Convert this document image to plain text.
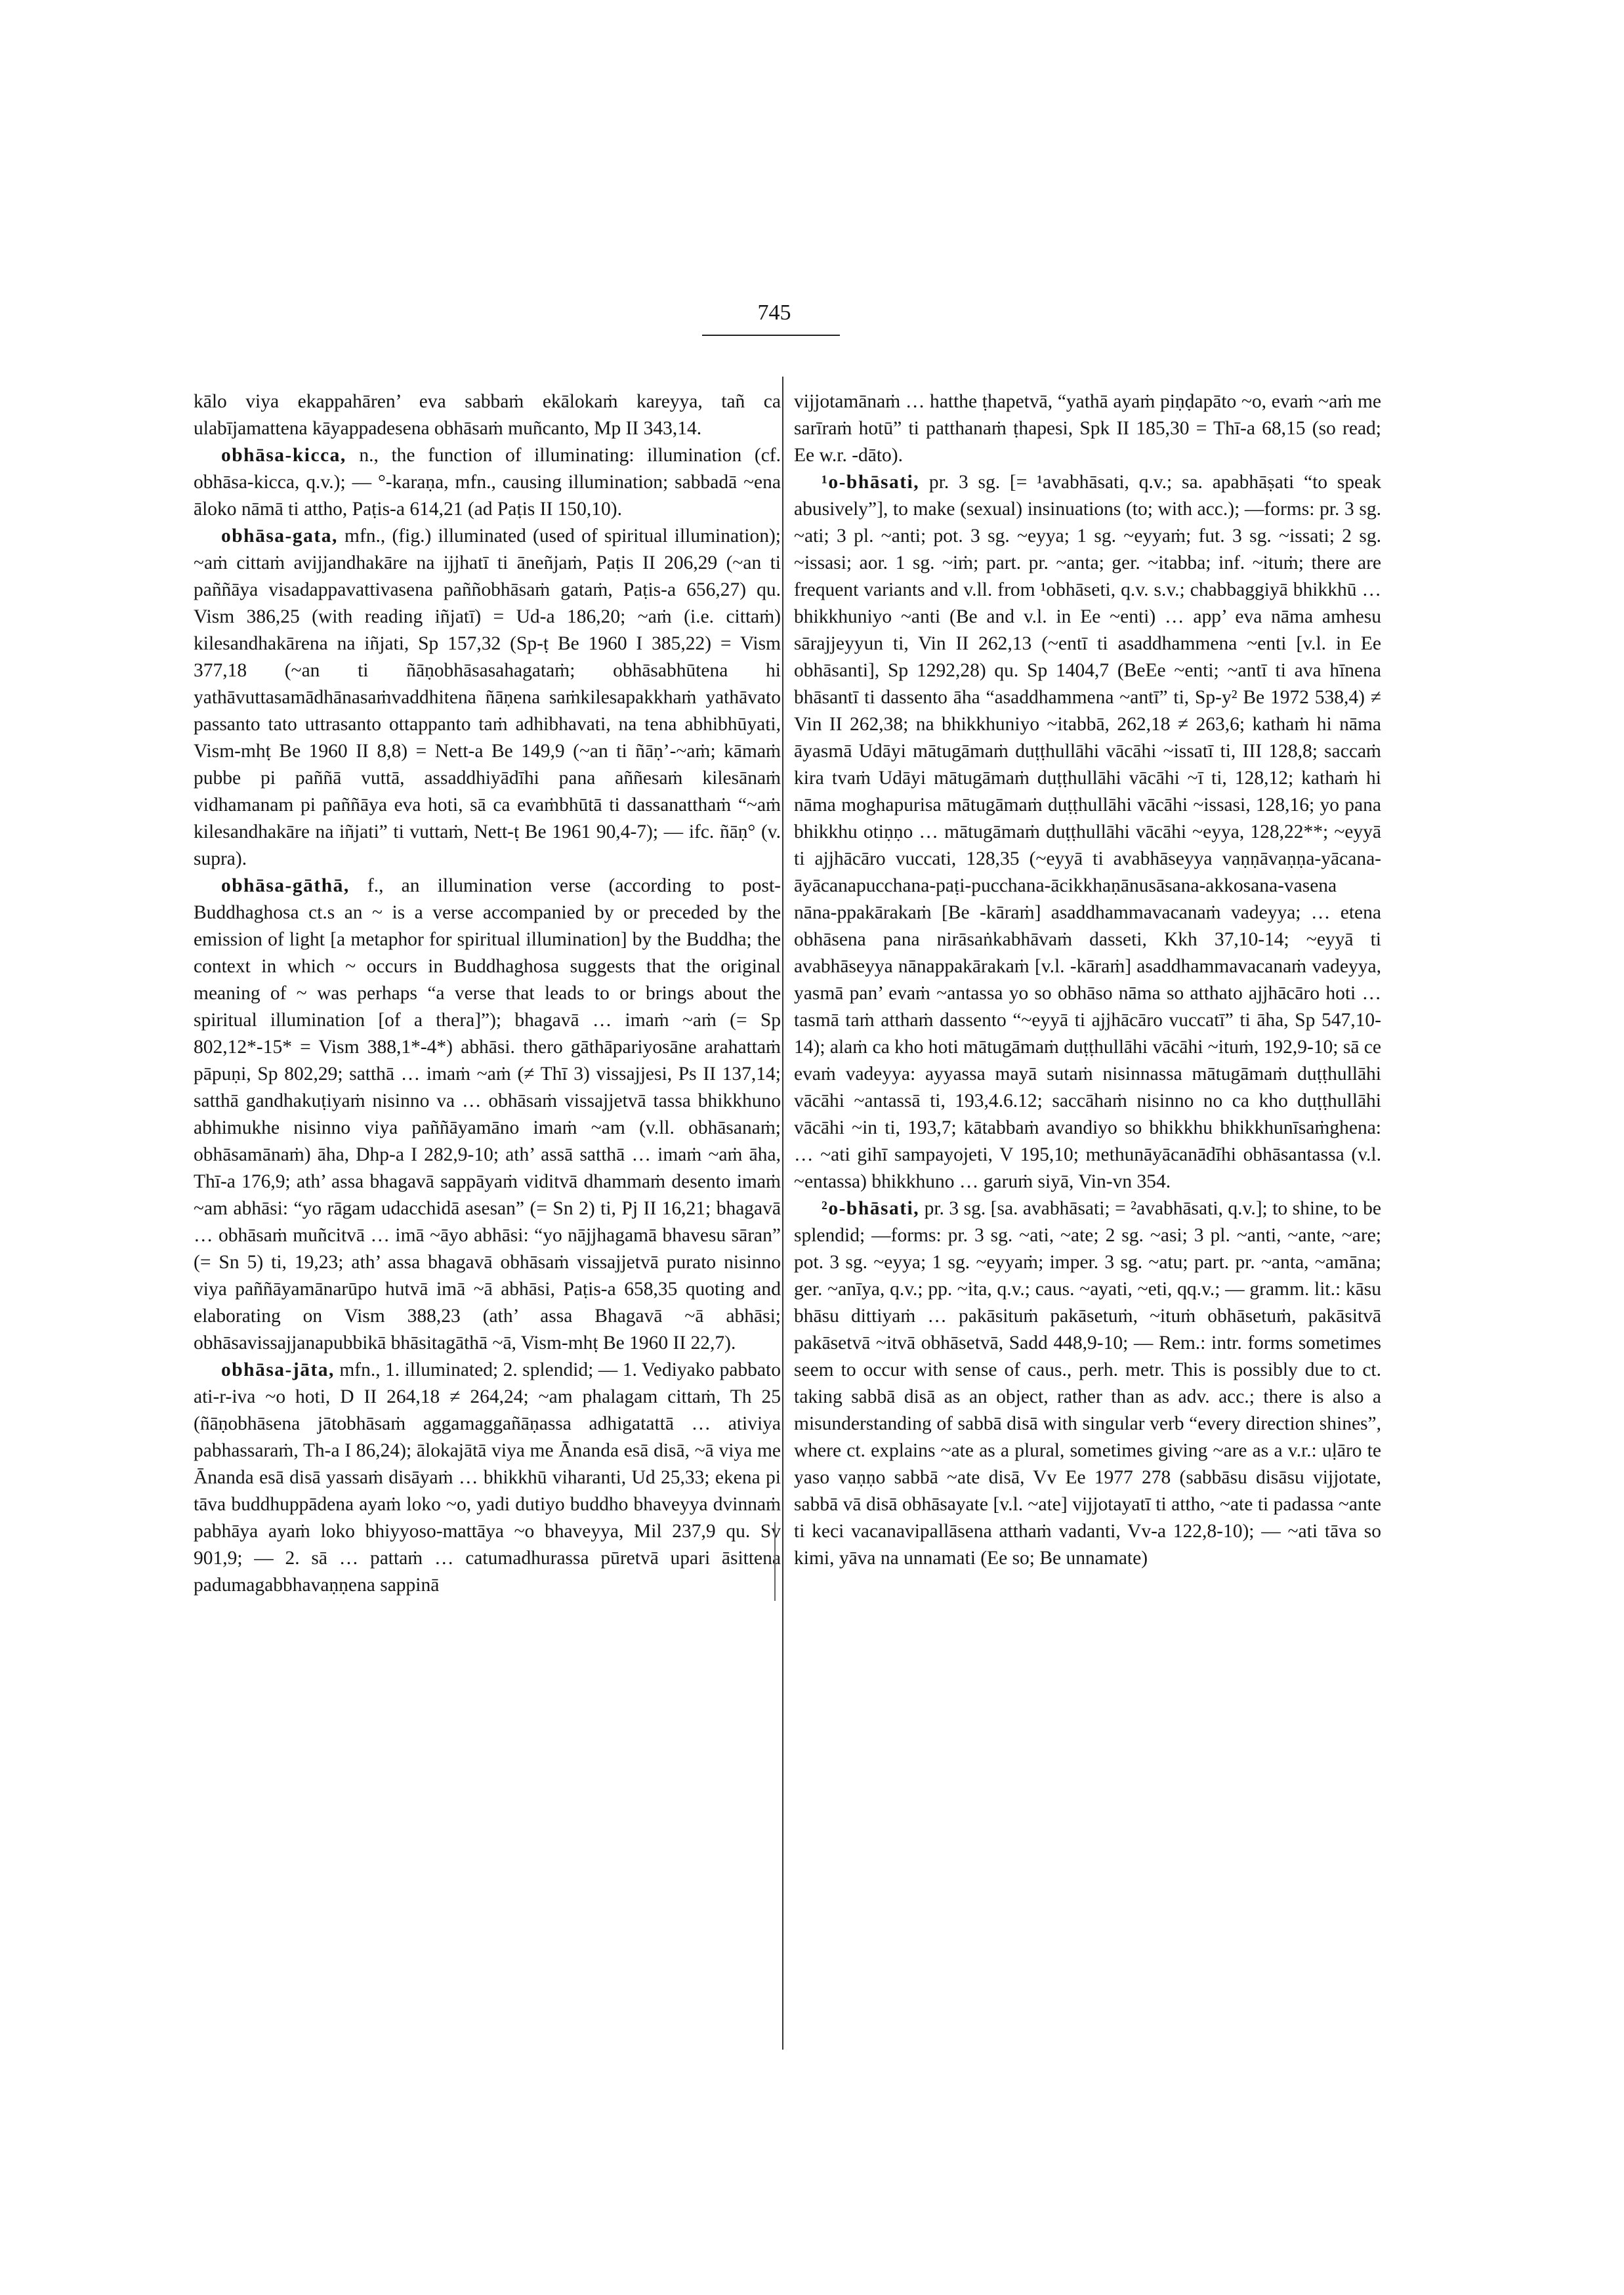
745

kālo viya ekappahāren’ eva sabbaṁ ekālokaṁ kareyya, tañ ca ulabījamattena kāyappadesena obhāsaṁ muñcanto, Mp II 343,14.

obhāsa-kicca, n., the function of illuminating: illumination (cf. obhāsa-kicca, q.v.); — °-karaṇa, mfn., causing illumination; sabbadā ~ena āloko nāmā ti attho, Paṭis-a 614,21 (ad Paṭis II 150,10).

obhāsa-gata, mfn., (fig.) illuminated (used of spiritual illumination); ~aṁ cittaṁ avijjandhakāre na ijjhatī ti āneñjaṁ, Paṭis II 206,29 (~an ti paññāya visadappavattivasena paññobhāsaṁ gataṁ, Paṭis-a 656,27) qu. Vism 386,25 (with reading iñjatī) = Ud-a 186,20; ~aṁ (i.e. cittaṁ) kilesandhakārena na iñjati, Sp 157,32 (Sp-ṭ Be 1960 I 385,22) = Vism 377,18 (~an ti ñāṇobhāsasahagataṁ; obhāsabhūtena hi yathāvuttasamādhānasaṁvaddhitena ñāṇena saṁkilesapakkhaṁ yathāvato passanto tato uttrasanto ottappanto taṁ adhibhavati, na tena abhibhūyati, Vism-mhṭ Be 1960 II 8,8) = Nett-a Be 149,9 (~an ti ñāṇ’-~aṁ; kāmaṁ pubbe pi paññā vuttā, assaddhiyādīhi pana aññesaṁ kilesānaṁ vidhamanam pi paññāya eva hoti, sā ca evaṁbhūtā ti dassanatthaṁ “~aṁ kilesandhakāre na iñjati” ti vuttaṁ, Nett-ṭ Be 1961 90,4-7); — ifc. ñāṇ° (v. supra).

obhāsa-gāthā, f., an illumination verse (according to post-Buddhaghosa ct.s an ~ is a verse accompanied by or preceded by the emission of light [a metaphor for spiritual illumination] by the Buddha; the context in which ~ occurs in Buddhaghosa suggests that the original meaning of ~ was perhaps “a verse that leads to or brings about the spiritual illumination [of a thera]”); bhagavā … imaṁ ~aṁ (= Sp 802,12*-15* = Vism 388,1*-4*) abhāsi. thero gāthāpariyosāne arahattaṁ pāpuṇi, Sp 802,29; satthā … imaṁ ~aṁ (≠ Thī 3) vissajjesi, Ps II 137,14; satthā gandhakuṭiyaṁ nisinno va … obhāsaṁ vissajjetvā tassa bhikkhuno abhimukhe nisinno viya paññāyamāno imaṁ ~am (v.ll. obhāsanaṁ; obhāsamānaṁ) āha, Dhp-a I 282,9-10; ath’ assā satthā … imaṁ ~aṁ āha, Thī-a 176,9; ath’ assa bhagavā sappāyaṁ viditvā dhammaṁ desento imaṁ ~am abhāsi: “yo rāgam udacchidā asesan” (= Sn 2) ti, Pj II 16,21; bhagavā … obhāsaṁ muñcitvā … imā ~āyo abhāsi: “yo nājjhagamā bhavesu sāran” (= Sn 5) ti, 19,23; ath’ assa bhagavā obhāsaṁ vissajjetvā purato nisinno viya paññāyamānarūpo hutvā imā ~ā abhāsi, Paṭis-a 658,35 quoting and elaborating on Vism 388,23 (ath’ assa Bhagavā ~ā abhāsi; obhāsavissajjanapubbikā bhāsitagāthā ~ā, Vism-mhṭ Be 1960 II 22,7).

obhāsa-jāta, mfn., 1. illuminated; 2. splendid; — 1. Vediyako pabbato ati-r-iva ~o hoti, D II 264,18 ≠ 264,24; ~am phalagam cittaṁ, Th 25 (ñāṇobhāsena jātobhāsaṁ aggamaggañāṇassa adhigatattā … ativiya pabhassaraṁ, Th-a I 86,24); ālokajātā viya me Ānanda esā disā, ~ā viya me Ānanda esā disā yassaṁ disāyaṁ … bhikkhū viharanti, Ud 25,33; ekena pi tāva buddhuppādena ayaṁ loko ~o, yadi dutiyo buddho bhaveyya dvinnaṁ pabhāya ayaṁ loko bhiyyoso-mattāya ~o bhaveyya, Mil 237,9 qu. Sv 901,9; — 2. sā … pattaṁ … catumadhurassa pūretvā upari āsittena padumagabbhavaṇṇena sappinā

vijjotamānaṁ … hatthe ṭhapetvā, “yathā ayaṁ piṇḍapāto ~o, evaṁ ~aṁ me sarīraṁ hotū” ti patthanaṁ ṭhapesi, Spk II 185,30 = Thī-a 68,15 (so read; Ee w.r. -dāto).

¹o-bhāsati, pr. 3 sg. [= ¹avabhāsati, q.v.; sa. apabhāṣati “to speak abusively”], to make (sexual) insinuations (to; with acc.); —forms: pr. 3 sg. ~ati; 3 pl. ~anti; pot. 3 sg. ~eyya; 1 sg. ~eyyaṁ; fut. 3 sg. ~issati; 2 sg. ~issasi; aor. 1 sg. ~iṁ; part. pr. ~anta; ger. ~itabba; inf. ~ituṁ; there are frequent variants and v.ll. from ¹obhāseti, q.v. s.v.; chabbaggiyā bhikkhū … bhikkhuniyo ~anti (Be and v.l. in Ee ~enti) … app’ eva nāma amhesu sārajjeyyun ti, Vin II 262,13 (~entī ti asaddhammena ~enti [v.l. in Ee obhāsanti], Sp 1292,28) qu. Sp 1404,7 (BeEe ~enti; ~antī ti ava hīnena bhāsantī ti dassento āha “asaddhammena ~antī” ti, Sp-y² Be 1972 538,4) ≠ Vin II 262,38; na bhikkhuniyo ~itabbā, 262,18 ≠ 263,6; kathaṁ hi nāma āyasmā Udāyi mātugāmaṁ duṭṭhullāhi vācāhi ~issatī ti, III 128,8; saccaṁ kira tvaṁ Udāyi mātugāmaṁ duṭṭhullāhi vācāhi ~ī ti, 128,12; kathaṁ hi nāma moghapurisa mātugāmaṁ duṭṭhullāhi vācāhi ~issasi, 128,16; yo pana bhikkhu otiṇṇo … mātugāmaṁ duṭṭhullāhi vācāhi ~eyya, 128,22**; ~eyyā ti ajjhācāro vuccati, 128,35 (~eyyā ti avabhāseyya vaṇṇāvaṇṇa-yācana-āyācanapucchana-paṭi-pucchana-ācikkhaṇānusāsana-akkosana-vasena nāna-ppakārakaṁ [Be -kāraṁ] asaddhammavacanaṁ vadeyya; … etena obhāsena pana nirāsaṅkabhāvaṁ dasseti, Kkh 37,10-14; ~eyyā ti avabhāseyya nānappakārakaṁ [v.l. -kāraṁ] asaddhammavacanaṁ vadeyya, yasmā pan’ evaṁ ~antassa yo so obhāso nāma so atthato ajjhācāro hoti … tasmā taṁ atthaṁ dassento “~eyyā ti ajjhācāro vuccatī” ti āha, Sp 547,10-14); alaṁ ca kho hoti mātugāmaṁ duṭṭhullāhi vācāhi ~ituṁ, 192,9-10; sā ce evaṁ vadeyya: ayyassa mayā sutaṁ nisinnassa mātugāmaṁ duṭṭhullāhi vācāhi ~antassā ti, 193,4.6.12; saccāhaṁ nisinno no ca kho duṭṭhullāhi vācāhi ~in ti, 193,7; kātabbaṁ avandiyo so bhikkhu bhikkhunīsaṁghena: … ~ati gihī sampayojeti, V 195,10; methunāyācanādīhi obhāsantassa (v.l. ~entassa) bhikkhuno … garuṁ siyā, Vin-vn 354.

²o-bhāsati, pr. 3 sg. [sa. avabhāsati; = ²avabhāsati, q.v.]; to shine, to be splendid; —forms: pr. 3 sg. ~ati, ~ate; 2 sg. ~asi; 3 pl. ~anti, ~ante, ~are; pot. 3 sg. ~eyya; 1 sg. ~eyyaṁ; imper. 3 sg. ~atu; part. pr. ~anta, ~amāna; ger. ~anīya, q.v.; pp. ~ita, q.v.; caus. ~ayati, ~eti, qq.v.; — gramm. lit.: kāsu bhāsu dittiyaṁ … pakāsituṁ pakāsetuṁ, ~ituṁ obhāsetuṁ, pakāsitvā pakāsetvā ~itvā obhāsetvā, Sadd 448,9-10; — Rem.: intr. forms sometimes seem to occur with sense of caus., perh. metr. This is possibly due to ct. taking sabbā disā as an object, rather than as adv. acc.; there is also a misunderstanding of sabbā disā with singular verb “every direction shines”, where ct. explains ~ate as a plural, sometimes giving ~are as a v.r.: uḷāro te yaso vaṇṇo sabbā ~ate disā, Vv Ee 1977 278 (sabbāsu disāsu vijjotate, sabbā vā disā obhāsayate [v.l. ~ate] vijjotayatī ti attho, ~ate ti padassa ~ante ti keci vacanavipallāsena atthaṁ vadanti, Vv-a 122,8-10); — ~ati tāva so kimi, yāva na unnamati (Ee so; Be unnamate)
